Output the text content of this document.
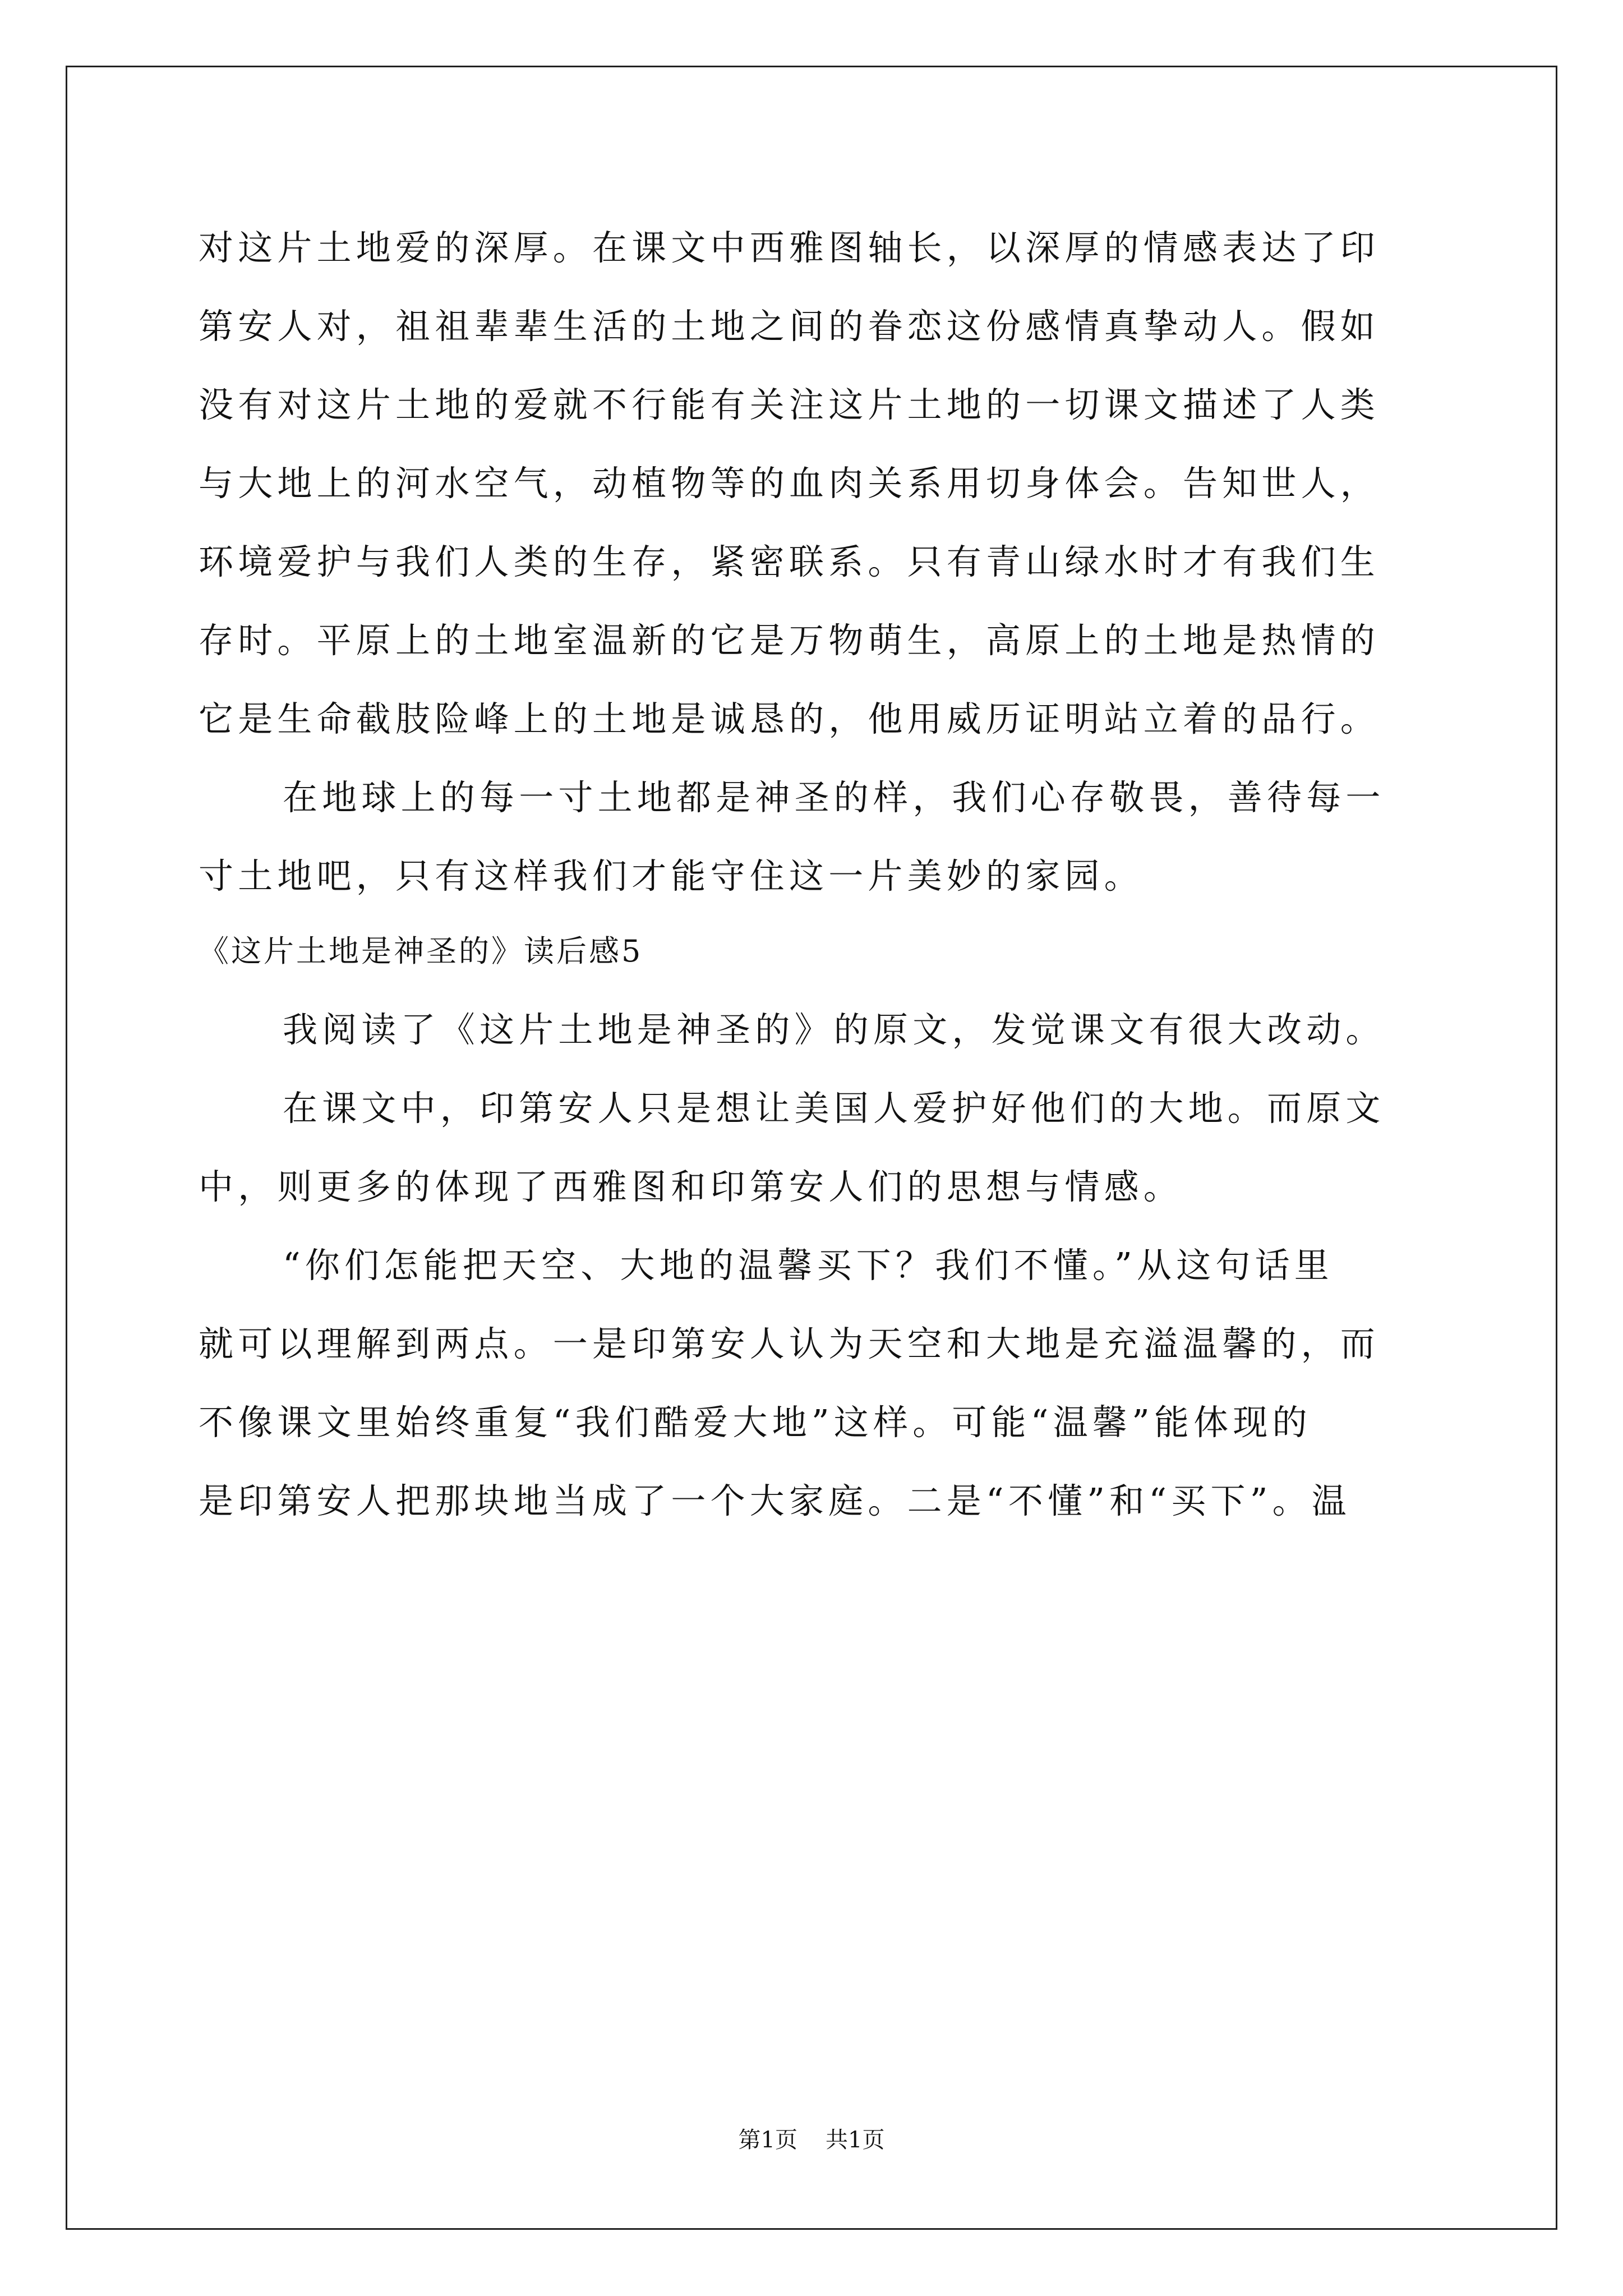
对这片土地爱的深厚。在课文中西雅图轴长，以深厚的情感表达了印

第安人对，祖祖辈辈生活的土地之间的眷恋这份感情真挚动人。假如

没有对这片土地的爱就不行能有关注这片土地的一切课文描述了人类

与大地上的河水空气，动植物等的血肉关系用切身体会。告知世人，

环境爱护与我们人类的生存，紧密联系。只有青山绿水时才有我们生

存时。平原上的土地室温新的它是万物萌生，高原上的土地是热情的

它是生命截肢险峰上的土地是诚恳的，他用威历证明站立着的品行。

在地球上的每一寸土地都是神圣的样，我们心存敬畏，善待每一

寸土地吧，只有这样我们才能守住这一片美妙的家园。

《这片土地是神圣的》读后感5

我阅读了《这片土地是神圣的》的原文，发觉课文有很大改动。

在课文中，印第安人只是想让美国人爱护好他们的大地。而原文

中，则更多的体现了西雅图和印第安人们的思想与情感。

“你们怎能把天空、大地的温馨买下？我们不懂。”从这句话里

就可以理解到两点。一是印第安人认为天空和大地是充溢温馨的，而

不像课文里始终重复“我们酷爱大地”这样。可能“温馨”能体现的

是印第安人把那块地当成了一个大家庭。二是“不懂”和“买下”。温

第1页 共1页
